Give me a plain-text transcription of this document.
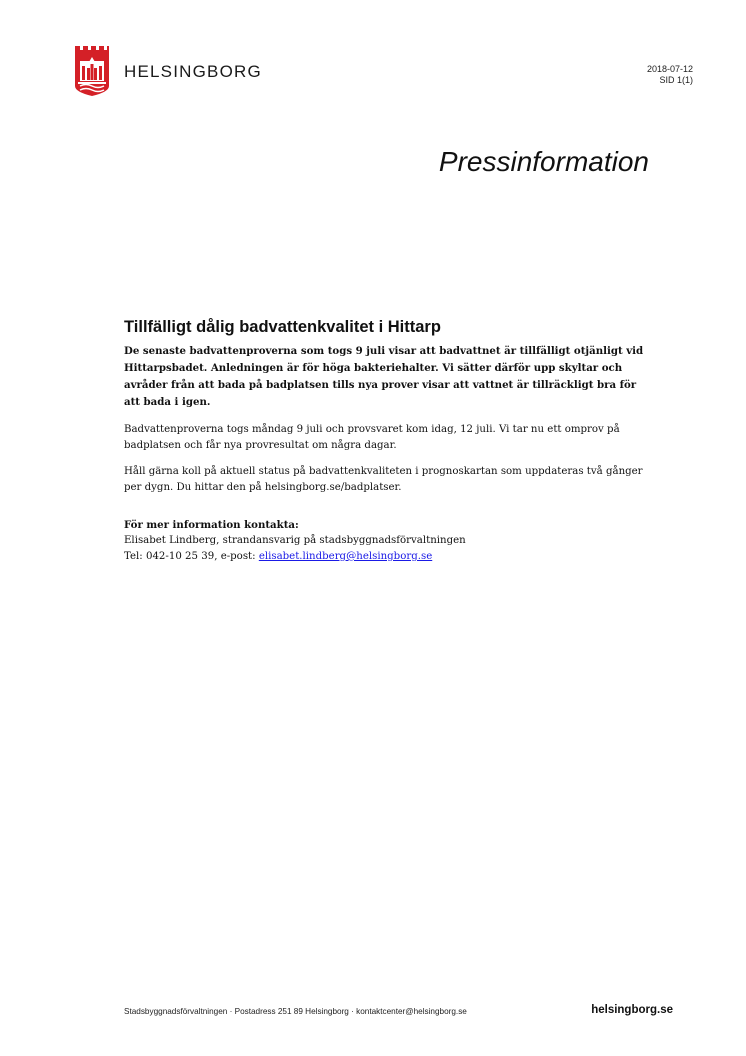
HELSINGBORG	2018-07-12
SID 1(1)
Pressinformation
Tillfälligt dålig badvattenkvalitet i Hittarp

De senaste badvattenproverna som togs 9 juli visar att badvattnet är tillfälligt otjänligt vid Hittarpsbadet. Anledningen är för höga bakteriehalter. Vi sätter därför upp skyltar och avråder från att bada på badplatsen tills nya prover visar att vattnet är tillräckligt bra för att bada i igen.

Badvattenproverna togs måndag 9 juli och provsvaret kom idag, 12 juli. Vi tar nu ett omprov på badplatsen och får nya provresultat om några dagar.

Håll gärna koll på aktuell status på badvattenkvaliteten i prognoskartan som uppdateras två gånger per dygn. Du hittar den på helsingborg.se/badplatser.

För mer information kontakta:
Elisabet Lindberg, strandansvarig på stadsbyggnadsförvaltningen
Tel: 042-10 25 39, e-post: elisabet.lindberg@helsingborg.se
Stadsbyggnadsförvaltningen · Postadress 251 89 Helsingborg · kontaktcenter@helsingborg.se	helsingborg.se
